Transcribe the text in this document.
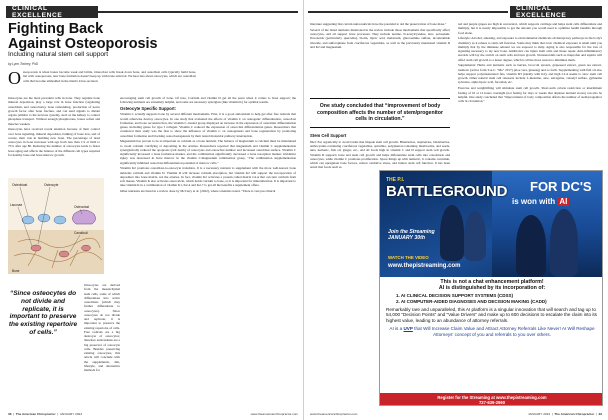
CLINICAL EXCELLENCE
Fighting Back
Against Osteoporosis
Including natural stem cell support
by Lynn Toohey, PhD
O steoporosis is when bones become weak and brittle. Osteoclast cells break down bone, and osteoblast cells typically build bone, but with osteoporosis, new bone formation doesn't keep up with bone removal. We hear less about osteocytes, which are osteoblast cells that become embedded in the matrix it has secreted.

Osteocytes are the most prevalent cells in bone. They regulate bone mineral deposition, play a large role in bone function (regulating osteoblasts and osteoclasts), bone remodeling, production of nerve growth factor after bone fracture, and can send signals to distant organs (similar to the nervous system), such as the kidney to control phosphate transport. Without enough phosphorous, bones soften and muscles weaken.

Osteocytes have received recent attention because of their control over bone signaling, mineral deposition, bulking of bone loss, and of course, their role in building new bone. The percentage of dead osteocytes in bone increases with age from less than 1% at birth to 75% after age 80. Reducing the number of osteocytes leads to faster bone aging and affects the balance of the different cell types required for healthy bone and bone marrow growth.

Osteoblast	Osteocyte
Lacunae	Osteoclast
Canaliculi
Bone
“Since osteocytes do not divide and replicate, it is important to preserve the existing repertoire of cells.”

Osteocytes are derived from the mesenchymal stem cells, some of which differentiate into active osteoblasts (which may further differentiate to osteocytes). Since osteocytes do not divide and replicate, it is important to preserve the existing repertoire of cells. Free radicals are a big destroyer of osteocytes; therefore antioxidants are a big preserver of osteocyte cells. Besides preserving existing osteocytes, this article will conclude with the supplements, diet, lifestyle, and alternative methods for

encouraging stem cell growth of bone. Of note, Calcium and vitamin D get all the press when it comes to bone support; the following nutrients are extremely helpful, and some are necessary synergists (like vitamin K) for optimal results.

Osteocyte Specific Support:

Vitamin C actually supports bone by several different mechanisms. First, it is a good antioxidant to help get after free radicals that would otherwise destroy osteocytes. In one study that evaluated the effects of vitamin C on osteogenic differentiation, osteoclast formation, and bone reconstruction, the vitamin C-treated group displayed an increase in the expression of osteoblast differentiation genes, including genes for type I collagen. Vitamin C reduced the expression of osteoclast differentiation genes. Researchers that conducted their study was the first to show the influence of vitamin C on osteogenesis and bone regeneration by promoting osteoblast formation and blocking osteoclastogenesis by their tested molecular pathway interruption.

Magnesium has proven to be as important as calcium as a bone nutrient. The balance of magnesium to calcium must be maintained to avoid calcium calcifying or depositing in the arteries. Researchers reported that magnesium and vitamin C supplementation synergistically reduced the apoptosis (cell death) of osteocytes and osteoclast number and increased osteoblast surface. Vitamin C significantly increased a bone formation marker, and the combination significantly decreased a bone resorption marker. Oxidative injury was decreased in bone marrow in the vitamin C/magnesium combination group. "The combination supplementation significantly inhibited osteoclast differentiation potential of marrow cells."

Vitamin K2 promotes osteoblast-to-osteocyte transition. It is a necessary nutrient to supplement with the more well-known bone nutrients calcium and vitamin D. Vitamin D will increase calcium absorption, but vitamin K2 will support the incorporation of deposition into bone matrix, not the arteries. In fact, vitamin K2 activates a protein called matrix GLA that can turn calcium from soft tissues. Vitamin K also activates osteocalcin, which holds calcium to bone, so it is important for mineralization. It is important to take vitamin K in a combination of vitamin K1, K2-4 and K2-7 to get all the benefits a supplement offers.

Other nutrients are listed in a review done by McCarty et al. (2022), where scientists noted, "There is vast pre-clinical

38  |  The American Chiropractor  |  JANUARY 2024	www.theamericanchiropractor.com
CLINICAL EXCELLENCE

literature suggesting that certain nutraceuticals have the potential to aid the preservation of bone mass."

Several of the listed nutrients mentioned in the review include those mechanisms that specifically affect osteocytes, and all support bone processes. They include taurine, N-acetylcysteine, zinc, potassium, flavonoids (particularly quercetin), biotin, lipoic acid, melatonin, glucosamine sulfate, nicotinamide riboside, and sulforaphane from cruciferous vegetables, as well as the previously mentioned vitamin D and K2 and magnesium.

One study concluded that “improvement of body composition affects the number of stem/progenitor cells in circulation.”
Stem Cell Support

Diet: Eat organically to avoid toxins that impede stem cell growth. Blueberries, raspberries, blackberries, anthocyanin-containing cruciferous vegetables, spirulina, polyphenol-containing mushrooms, and seeds, nuts, turmeric, fish oil, ginger, etc., and all foods high in vitamin C and D support stem cell growth. Vitamin D supports bone and stem cell growth and helps differentiate stem cells into osteoblasts and osteocytes, while vitamin C promotes proliferation. Space things up with turmeric, it contains curcumin, which can upregulate bone factors, reduce oxidative stress, and induce stem cell function. It has been noted that foods such as

red and purple grapes are high in resveratrol, which supports cartilage and helps stem cells differentiate and multiply, but it is nearly impossible to get the amount you would need to optimize health benefits through food alone.

Lifestyle: Alcohol, smoking, and exposure to environmental chemicals all disrupt key pathways in the body's chemistry as it relates to stem cell function. Some may think that toxic chemical exposure is small until you multiply that by the immense amount we are exposed to daily. Aging is also responsible for the loss of signaling necessary to lay new bone. Antibiotics can injure stem cells and tissue repair. Anti-inflammatory steroids will lay the switch on stem cells and turn growth. Nonsteroidals such as ibuprofen and aspirin will affect stem cell growth to a lesser degree, which is all the more reason to minimize them.

Supplements: Herbs and nutrients such as berries, broccoli sprouts, grapeseed extract, green tea extract, turmeric (active form T.A.C. "Me" 2017) (aloe vera, ginseng) and so forth. Supplementing with fish oil also helps support polyunsaturated fats, vitamin D3 (ideally with K2), and high CLA seems to slow stem cell growth. Other natural stem cell releasers include L-theanine, aloe, astragalus, vanadyl sulfate, gymnema sylvestre, alpha lipoic acid, fucoidan, etc.

Exercise and weightlifting will stimulate stem cell growth. Short-term calorie restriction or intermittent fasting of 16 or 12 hours overnight (not fasting for days or weeks that depletes nutrient stores) can also be helpful. One study concluded that "improvement of body composition affects the number of stem/progenitor cells in circulation."

THE P.I.
BATTLEGROUND FOR DC'S
is won with AI
Join the Streaming JANUARY 30th
WATCH THE VIDEO
www.thepistreaming.com
This is not a chat enhancement platform!
AI is distinguished by its incorporation of:
1. AI CLINICAL DECISION SUPPORT SYSTEMS (CDSS)
2. AI COMPUTER-AIDED DIAGNOSES AND DECISION MAKING (CADD)
Remarkably rare and unparalleled, this AI platform is a singular innovation that will search and tag up to 54,000 "Decision Points" and "Value Drivers" and make up to 600 decisions to escalate the claim into its highest value, leading to an abundance of attorney referrals.
AI is a UVP that Will Increase Claim Value and Attract Attorney Referrals Like Never! AI Will Reshape Attorneys' concept of you and referrals to you over others.
Register for the Streaming at www.thepistreaming.com
727-639-2960
www.theamericanchiropractor.com	JANUARY 2024  |  The American Chiropractor  |  39
